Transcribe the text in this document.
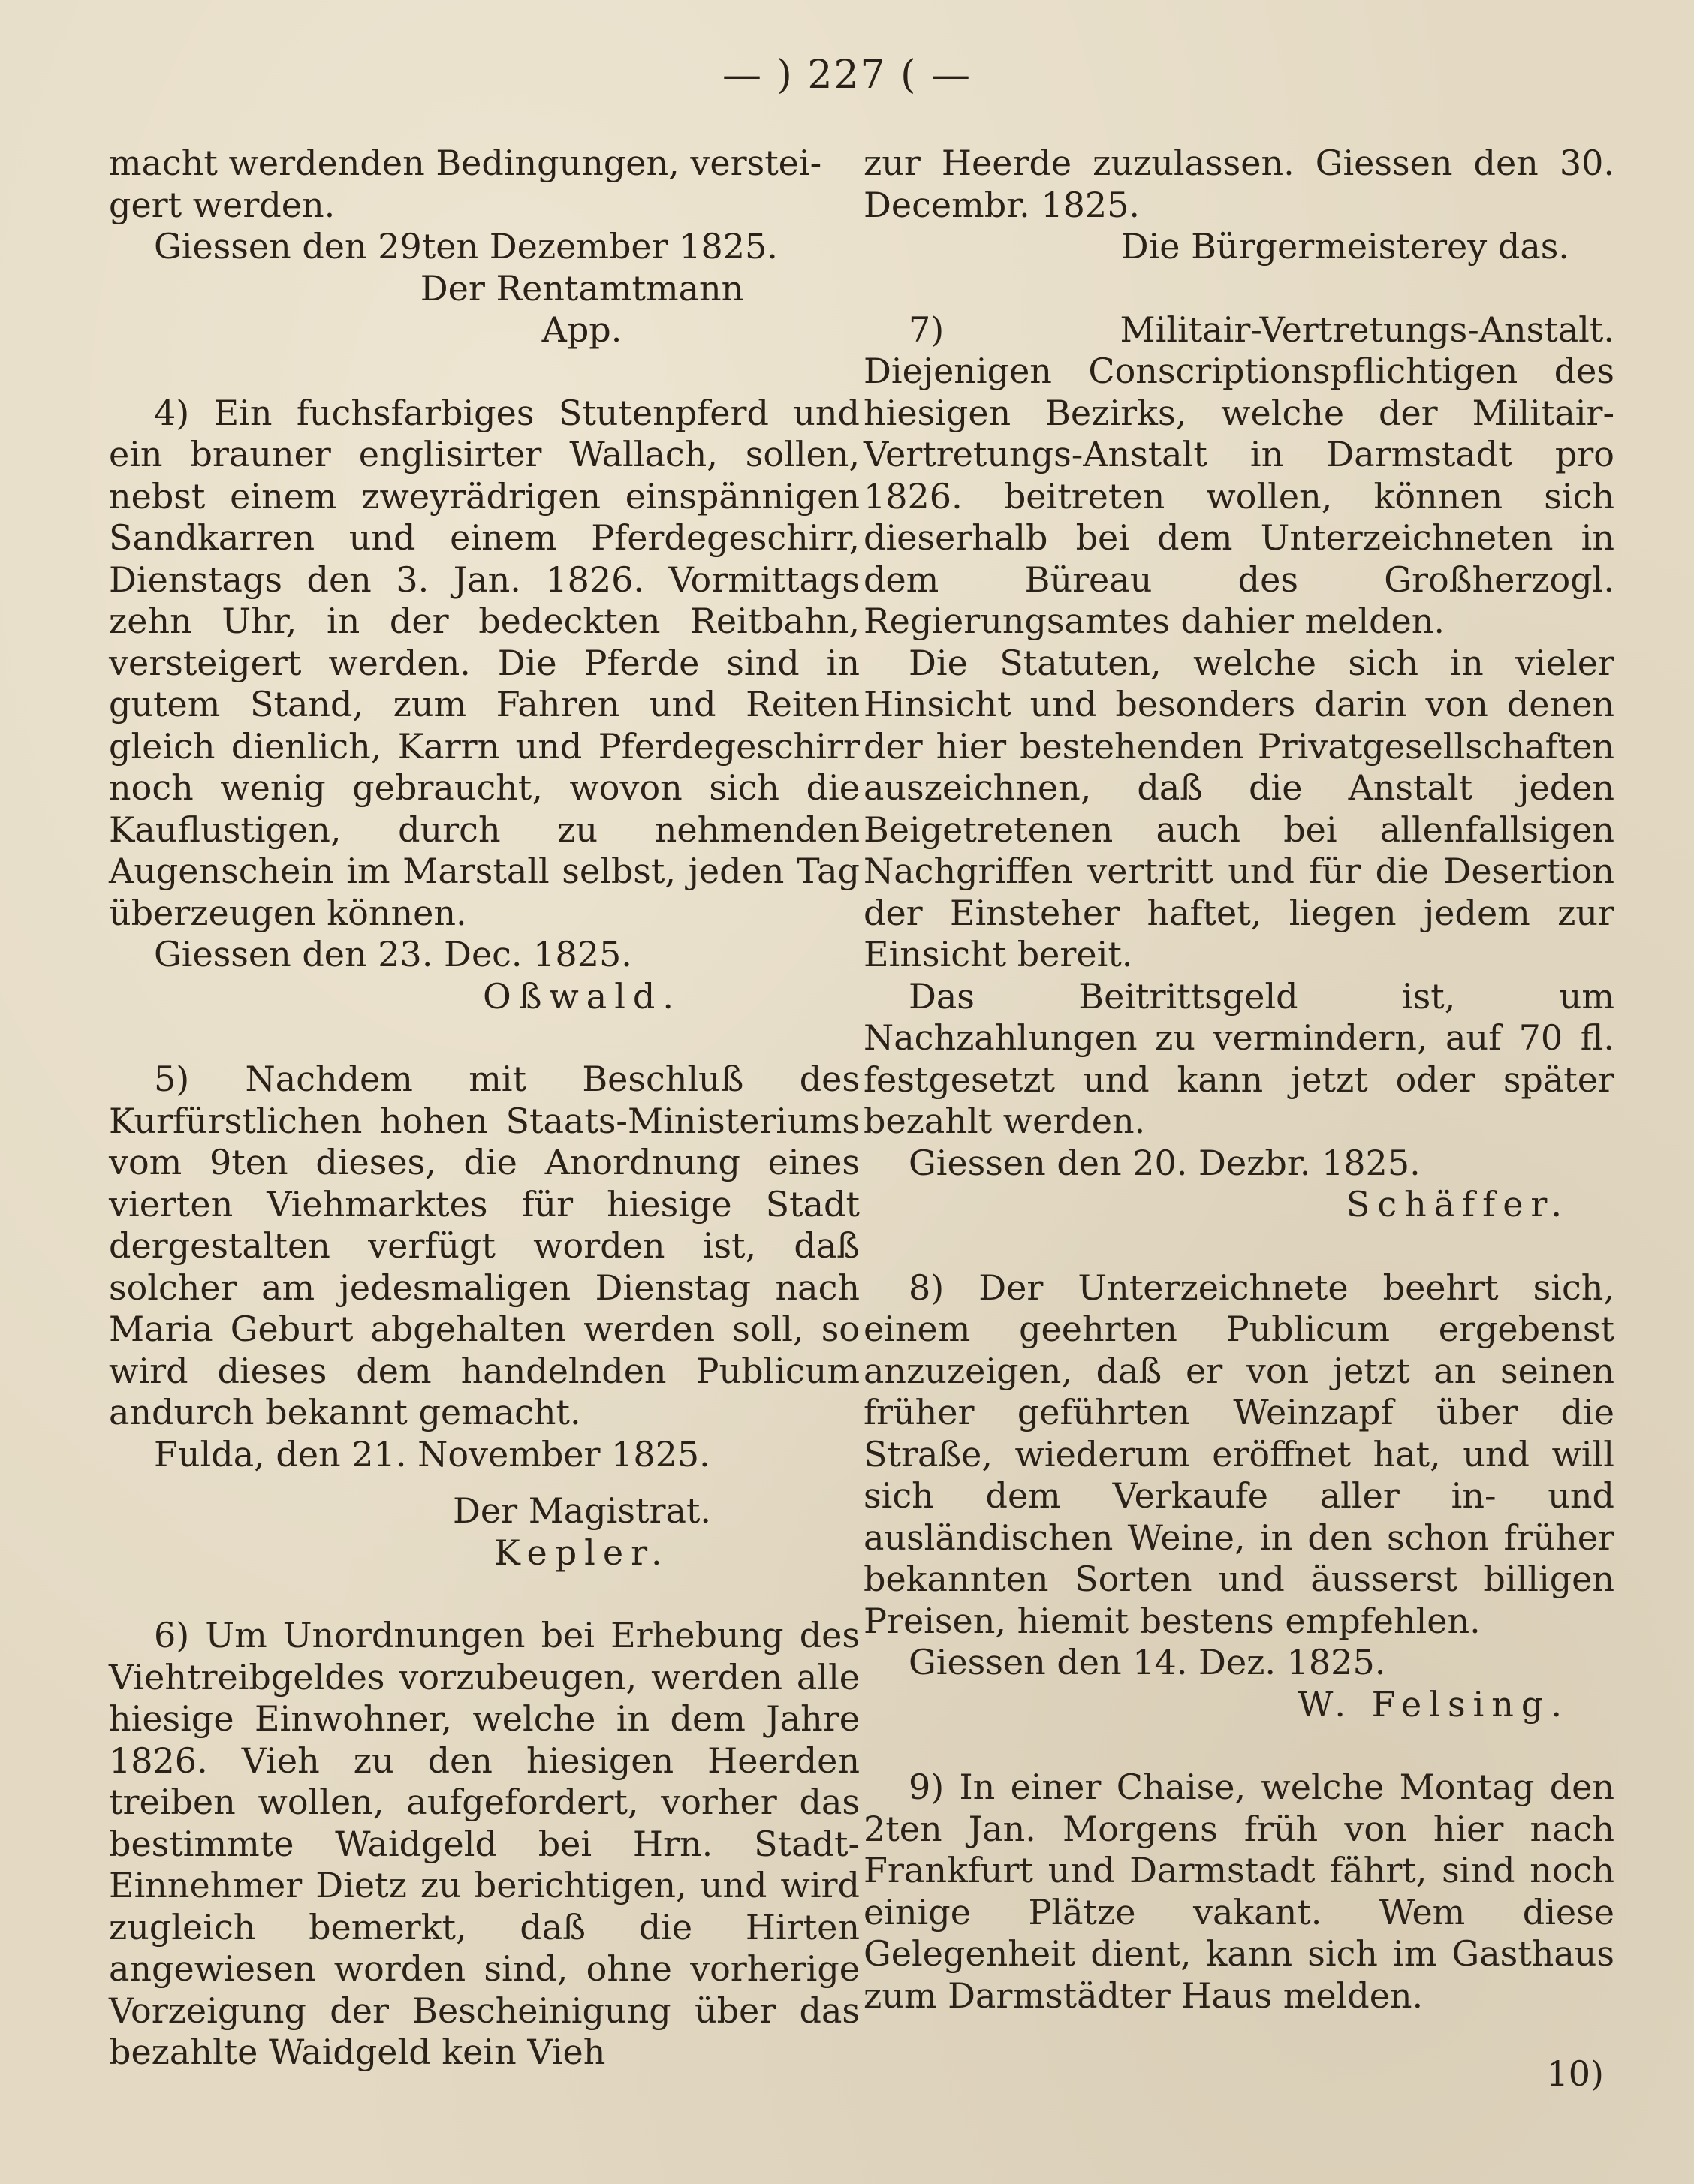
— ) 227 ( —

macht werdenden Bedingungen, verstei-

gert werden.

Giessen den 29ten Dezember 1825.

Der Rentamtmann

App.

4) Ein fuchsfarbiges Stutenpferd und ein brauner englisirter Wallach, sollen, nebst einem zweyrädrigen einspännigen Sandkarren und einem Pferdegeschirr, Dienstags den 3. Jan. 1826. Vormittags zehn Uhr, in der bedeckten Reitbahn, versteigert werden. Die Pferde sind in gutem Stand, zum Fahren und Reiten gleich dienlich, Karrn und Pferdegeschirr noch wenig gebraucht, wovon sich die Kauflustigen, durch zu nehmenden Augenschein im Marstall selbst, jeden Tag überzeugen können.

Giessen den 23. Dec. 1825.

Oßwald.

5) Nachdem mit Beschluß des Kurfürstlichen hohen Staats-Ministeriums vom 9ten dieses, die Anordnung eines vierten Viehmarktes für hiesige Stadt dergestalten verfügt worden ist, daß solcher am jedesmaligen Dienstag nach Maria Geburt abgehalten werden soll, so wird dieses dem handelnden Publicum andurch bekannt gemacht.

Fulda, den 21. November 1825.

Der Magistrat.

Kepler.

6) Um Unordnungen bei Erhebung des Viehtreibgeldes vorzubeugen, werden alle hiesige Einwohner, welche in dem Jahre 1826. Vieh zu den hiesigen Heerden treiben wollen, aufgefordert, vorher das bestimmte Waidgeld bei Hrn. Stadt-Einnehmer Dietz zu berichtigen, und wird zugleich bemerkt, daß die Hirten angewiesen worden sind, ohne vorherige Vorzeigung der Bescheinigung über das bezahlte Waidgeld kein Vieh

zur Heerde zuzulassen. Giessen den 30. Decembr. 1825.

Die Bürgermeisterey das.

7) Militair-Vertretungs-Anstalt. Diejenigen Conscriptionspflichtigen des hiesigen Bezirks, welche der Militair-Vertretungs-Anstalt in Darmstadt pro 1826. beitreten wollen, können sich dieserhalb bei dem Unterzeichneten in dem Büreau des Großherzogl. Regierungsamtes dahier melden.

Die Statuten, welche sich in vieler Hinsicht und besonders darin von denen der hier bestehenden Privatgesellschaften auszeichnen, daß die Anstalt jeden Beigetretenen auch bei allenfallsigen Nachgriffen vertritt und für die Desertion der Einsteher haftet, liegen jedem zur Einsicht bereit.

Das Beitrittsgeld ist, um Nachzahlungen zu vermindern, auf 70 fl. festgesetzt und kann jetzt oder später bezahlt werden.

Giessen den 20. Dezbr. 1825.

Schäffer.

8) Der Unterzeichnete beehrt sich, einem geehrten Publicum ergebenst anzuzeigen, daß er von jetzt an seinen früher geführten Weinzapf über die Straße, wiederum eröffnet hat, und will sich dem Verkaufe aller in- und ausländischen Weine, in den schon früher bekannten Sorten und äusserst billigen Preisen, hiemit bestens empfehlen.

Giessen den 14. Dez. 1825.

W. Felsing.

9) In einer Chaise, welche Montag den 2ten Jan. Morgens früh von hier nach Frankfurt und Darmstadt fährt, sind noch einige Plätze vakant. Wem diese Gelegenheit dient, kann sich im Gasthaus zum Darmstädter Haus melden.

10)
